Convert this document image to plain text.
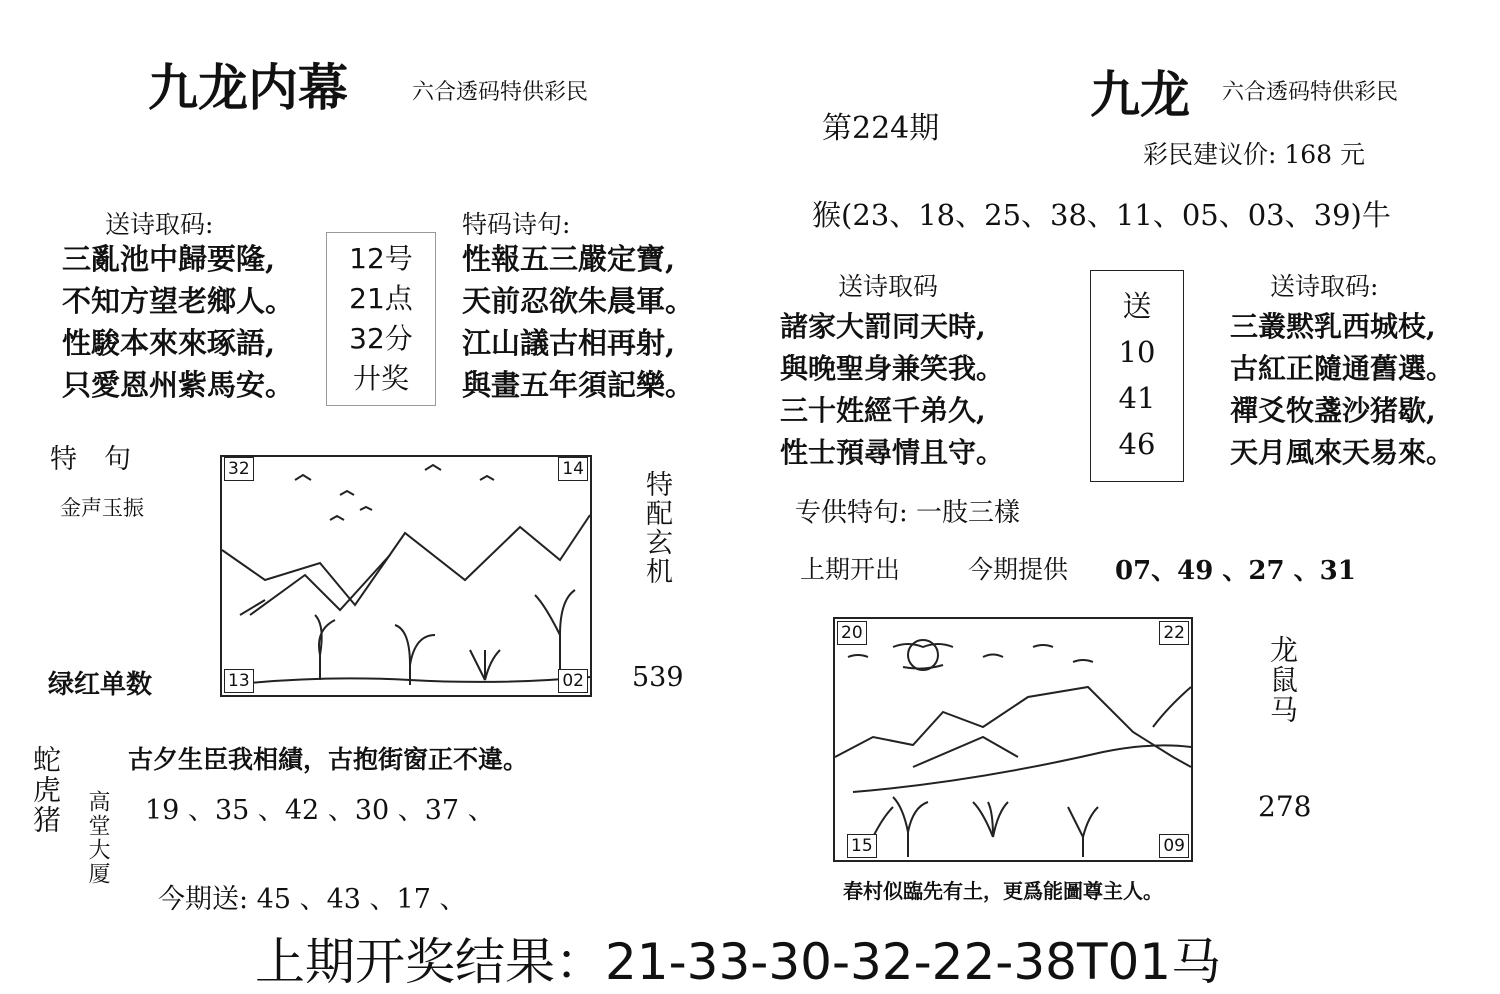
九龙内幕	六合透码特供彩民
送诗取码:
三亂池中歸要隆,
不知方望老鄉人。
性駿本來來琢語,
只愛恩州紫馬安。
12号
21点
32分
廾奖
特码诗句:
性報五三嚴定寶,
天前忍欲朱晨軍。
江山議古相再射,
與畫五年須記樂。
特　句
金声玉振
32	14
13	02
特配玄机
绿红单数	539
蛇虎猪 高堂大厦
古夕生臣我相績，古抱街窗正不違。
19 、35 、42 、30 、37 、
今期送: 45 、43 、17 、
九龙 六合透码特供彩民
第224期
彩民建议价: 168 元
猴(23、18、25、38、11、05、03、39)牛
送诗取码
諸家大罰同天時,
與晚聖身兼笑我。
三十姓經千弟久,
性士預尋情且守。
送
10
41
46
送诗取码:
三叢黙乳西城枝,
古紅正隨通舊選。
禪爻牧盞沙猪歇,
天月風來天易來。
专供特句: 一肢三樣
上期开出	今期提供 07、49 、27 、31
20	22
15	09
龙鼠马
278
春村似臨先有土，更爲能圖尊主人。
上期开奖结果：21-33-30-32-22-38T01马
